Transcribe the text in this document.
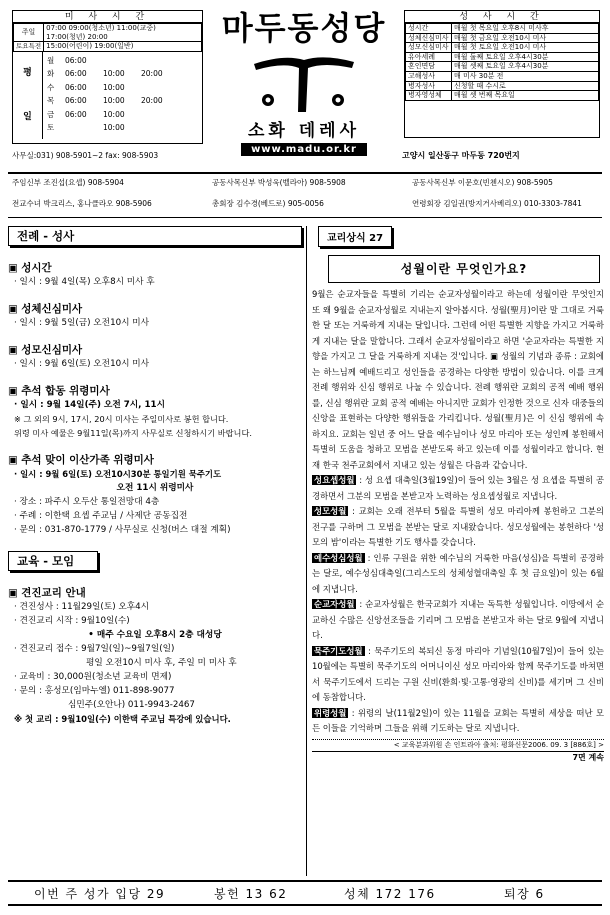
미 사 시 간
주일	07:00 09:00(청소년) 11:00(교중)
17:00(청년) 20:00

토요특전	15:00(어린이) 19:00(일반)
평
일
월	06:00
화	06:00	10:00	20:00
수	06:00	10:00
목	06:00	10:00	20:00
금	06:00	10:00
토	10:00
마두동성당
소화 데레사
www.madu.or.kr
성 사 시 간
성시간	매월 첫 목요일 오후8시 미사후
성체신심미사	매월 첫 금요일 오전10시 미사
성모신심미사	매월 첫 토요일 오전10시 미사
유아세례	매월 둘째 토요일 오후4시30분
혼인면담	매월 셋째 토요일 오후4시30분
고해성사	매 미사 30분 전
병자성사	신청할 때 수시로
병자영성체	매월 셋 번째 목요일
사무실:031) 908-5901~2 fax: 908-5903	고양시 일산동구 마두동 720번지
주임신부 조진섭(요셉) 908-5904	공동사목신부 박성욱(벨라아) 908-5908	공동사목신부 이문호(빈첸시오) 908-5905
전교수녀 박크리스, 홍나클라오 908-5906	총회장 김수경(베드로) 905-0056	연령회장 김일권(방지거사베리오) 010-3303-7841
전례 - 성사
▣ 성시간
· 일시 : 9월 4일(목) 오후8시 미사 후
▣ 성체신심미사
· 일시 : 9월 5일(금) 오전10시 미사
▣ 성모신심미사
· 일시 : 9월 6일(토) 오전10시 미사
▣ 추석 합동 위령미사
· 일시 : 9월 14일(주) 오전 7시, 11시
※ 그 외의 9시, 17시, 20시 미사는 주일미사로 봉헌 합니다.
위령 미사 예물은 9월11일(목)까지 사무실로 신청하시기 바랍니다.
▣ 추석 맞이 이산가족 위령미사
· 일시 : 9월 6일(토) 오전10시30분 통일기원 묵주기도
오전 11시 위령미사
· 장소 : 파주시 오두산 통일전망대 4층
· 주례 : 이한택 요셉 주교님 / 사제단 공동집전
· 문의 : 031-870-1779 / 사무실로 신청(버스 대절 계획)
교육 - 모임
▣ 견진교리 안내
· 견진성사 : 11월29일(토) 오후4시
· 견진교리 시작 : 9월10일(수)
• 매주 수요일 오후8시 2층 대성당
· 견진교리 접수 : 9월7일(일)~9월7일(일)
평일 오전10시 미사 후, 주일 미 미사 후
· 교육비 : 30,000원(청소년 교육비 면제)
· 문의 : 홍성모(임마누엘) 011-898-9077
심민주(오안나) 011-9943-2467
※ 첫 교리 : 9월10일(수) 이한택 주교님 특강에 있습니다.
교리상식 27
성월이란 무엇인가요?

9월은 순교자들을 특별히 기리는 순교자성월이라고 하는데 성월이란 무엇인지 또 왜 9월을 순교자성월로 지내는지 알아봅시다. 성월(聖月)이란 말 그대로 거룩한 달 또는 거룩하게 지내는 달입니다. 그런데 어떤 특별한 지향을 가지고 거룩하게 지내는 달을 말합니다. 그래서 순교자성월이라고 하면 '순교자라는 특별한 지향을 가지고 그 달을 거룩하게 지내는 것'입니다. ▣ 성월의 기념과 종류 : 교회에는 하느님께 예배드리고 성인들을 공경하는 다양한 방법이 있습니다. 이를 크게 전례 행위와 신심 행위로 나눌 수 있습니다. 전례 행위란 교회의 공적 예배 행위를, 신심 행위란 교회 공적 예배는 아니지만 교회가 인정한 것으로 신자 대중들의 신앙을 표현하는 다양한 행위들을 가리킵니다. 성월(聖月)은 이 신심 행위에 속하지요. 교회는 일년 중 어느 달을 예수님이나 성모 마리아 또는 성인께 봉헌해서 특별히 도움을 청하고 모범을 본받도록 하고 있는데 이를 성월이라고 합니다. 현재 한국 천주교회에서 지내고 있는 성월은 다음과 같습니다.

성요셉성월 : 성 요셉 대축일(3월19일)이 들어 있는 3월은 성 요셉을 특별히 공경하면서 그분의 모범을 본받고자 노력하는 성요셉성월로 지냅니다.

성모성월 : 교회는 오래 전부터 5월을 특별히 성모 마리아께 봉헌하고 그분의 전구를 구하며 그 모범을 본받는 달로 지내왔습니다. 성모성월에는 봉헌하다 '성모의 밤'이라는 특별한 기도 행사를 갖습니다.

예수성심성월 : 인류 구원을 위한 예수님의 거룩한 마음(성심)을 특별히 공경하는 달로, 예수성심대축일(그리스도의 성체성혈대축일 후 첫 금요일)이 있는 6월에 지냅니다.

순교자성월 : 순교자성월은 한국교회가 지내는 독특한 성월입니다. 이땅에서 순교하신 수많은 신앙선조들을 기리며 그 모범을 본받고자 하는 달로 9월에 지냅니다.

묵주기도성월 : 묵주기도의 복되신 동정 마리아 기념일(10월7일)이 들어 있는 10월에는 특별히 묵주기도의 어머니이신 성모 마리아와 함께 묵주기도를 바쳐면서 묵주기도에서 드리는 구원 신비(환희·빛·고통·영광의 신비)를 세기며 그 신비에 동참합니다.

위령성월 : 위령의 날(11월2일)이 있는 11월을 교회는 특별히 세상을 떠난 모든 이들을 기억하며 그들을 위해 기도하는 달로 지냅니다.

< 교육분과위원 손 인트라아 출처: 평화신문2006. 09. 3 [886호] >
7면 계속
이번 주 성가 입당 29	봉헌 13 62	성체 172 176	퇴장 6
